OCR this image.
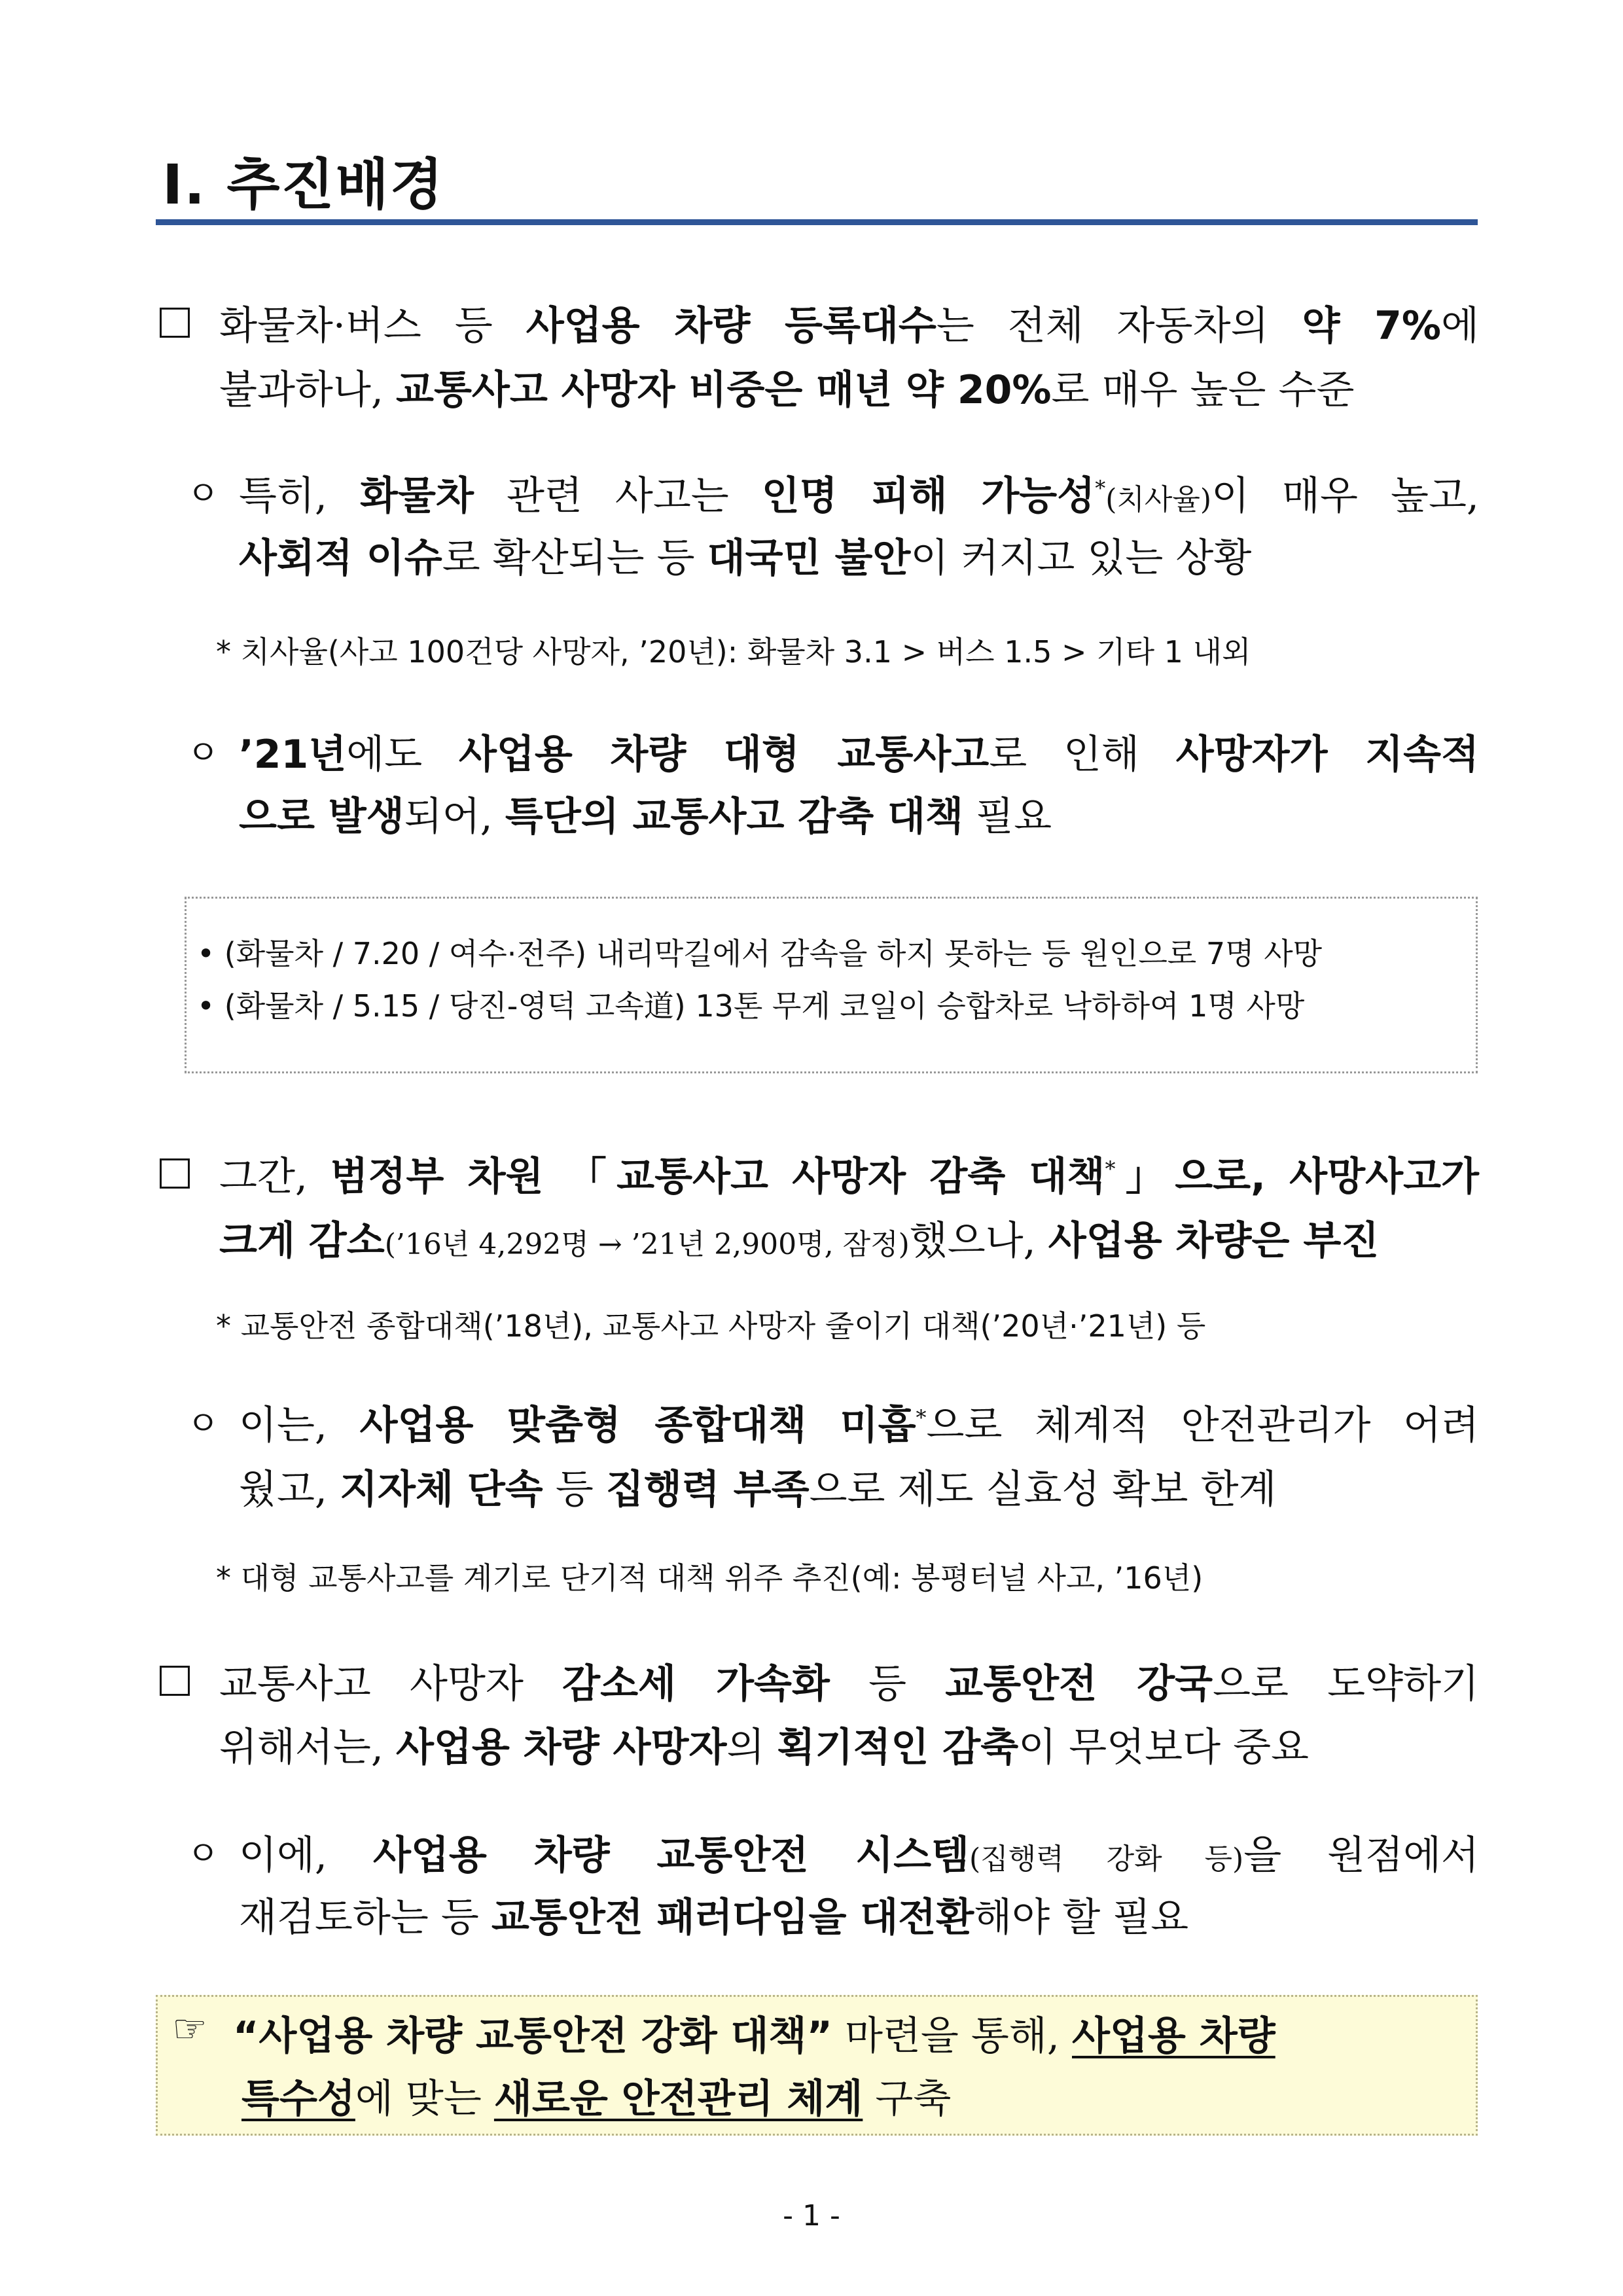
Ⅰ. 추진배경
화물차·버스 등 사업용 차량 등록대수는 전체 자동차의 약 7%에
불과하나, 교통사고 사망자 비중은 매년 약 20%로 매우 높은 수준
ㅇ 특히, 화물차 관련 사고는 인명 피해 가능성*(치사율)이 매우 높고,
사회적 이슈로 확산되는 등 대국민 불안이 커지고 있는 상황
* 치사율(사고 100건당 사망자, ’20년): 화물차 3.1 > 버스 1.5 > 기타 1 내외
ㅇ ’21년에도 사업용 차량 대형 교통사고로 인해 사망자가 지속적
으로 발생되어, 특단의 교통사고 감축 대책 필요
• (화물차 / 7.20 / 여수·전주) 내리막길에서 감속을 하지 못하는 등 원인으로 7명 사망
• (화물차 / 5.15 / 당진-영덕 고속道) 13톤 무게 코일이 승합차로 낙하하여 1명 사망
그간, 범정부 차원 「교통사고 사망자 감축 대책*」으로, 사망사고가
크게 감소(’16년 4,292명 → ’21년 2,900명, 잠정)했으나, 사업용 차량은 부진
* 교통안전 종합대책(’18년), 교통사고 사망자 줄이기 대책(’20년·’21년) 등
ㅇ 이는, 사업용 맞춤형 종합대책 미흡*으로 체계적 안전관리가 어려
웠고, 지자체 단속 등 집행력 부족으로 제도 실효성 확보 한계
* 대형 교통사고를 계기로 단기적 대책 위주 추진(예: 봉평터널 사고, ’16년)
교통사고 사망자 감소세 가속화 등 교통안전 강국으로 도약하기
위해서는, 사업용 차량 사망자의 획기적인 감축이 무엇보다 중요
ㅇ 이에, 사업용 차량 교통안전 시스템(집행력 강화 등)을 원점에서
재검토하는 등 교통안전 패러다임을 대전환해야 할 필요
☞ “사업용 차량 교통안전 강화 대책” 마련을 통해, 사업용 차량
특수성에 맞는 새로운 안전관리 체계 구축
- 1 -
